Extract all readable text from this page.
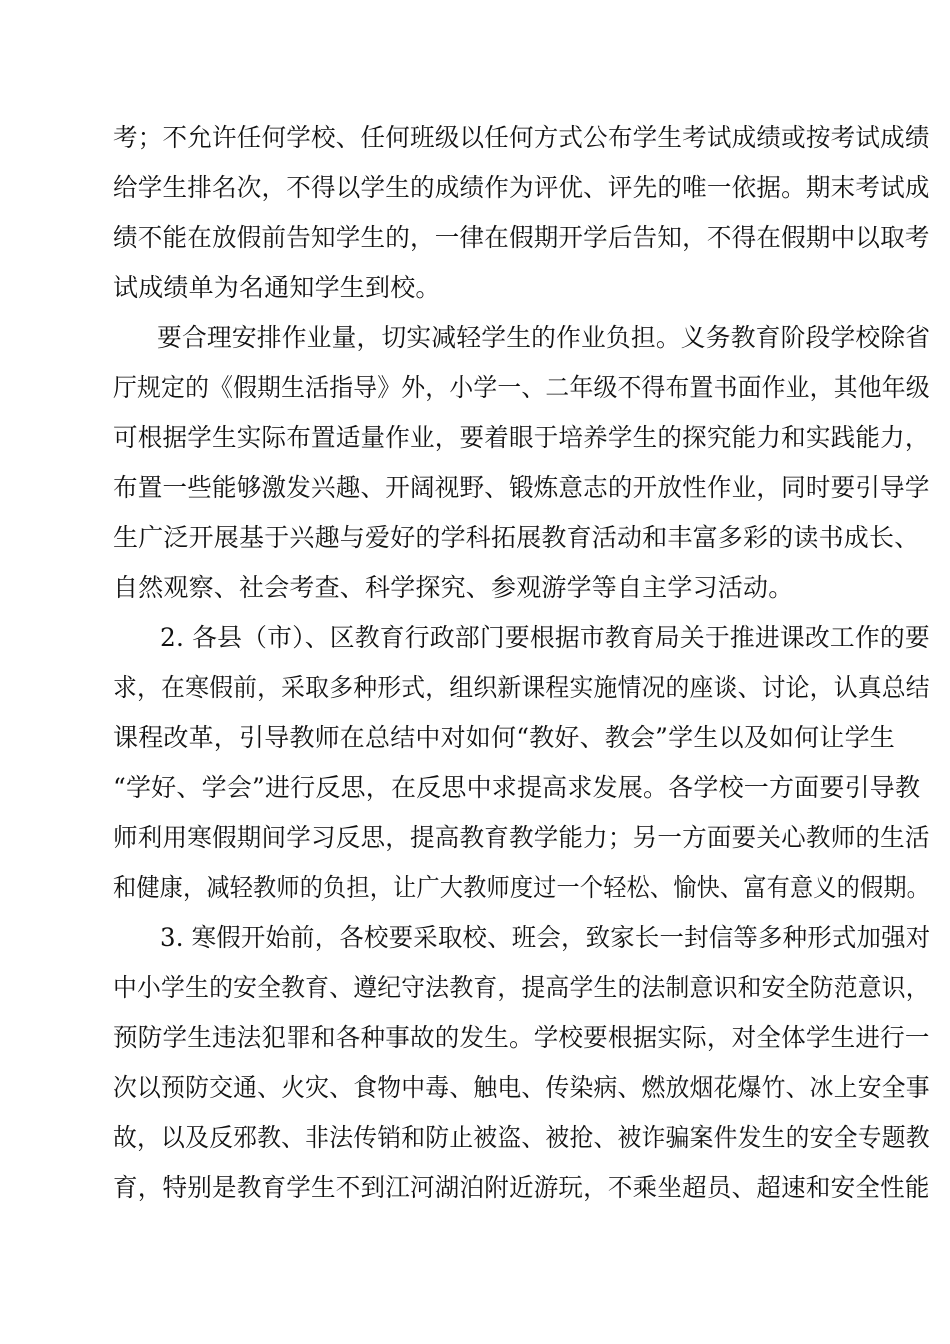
考；不允许任何学校、任何班级以任何方式公布学生考试成绩或按考试成绩
给学生排名次，不得以学生的成绩作为评优、评先的唯一依据。期末考试成
绩不能在放假前告知学生的，一律在假期开学后告知，不得在假期中以取考
试成绩单为名通知学生到校。
要合理安排作业量，切实减轻学生的作业负担。义务教育阶段学校除省
厅规定的《假期生活指导》外，小学一、二年级不得布置书面作业，其他年级
可根据学生实际布置适量作业，要着眼于培养学生的探究能力和实践能力，
布置一些能够激发兴趣、开阔视野、锻炼意志的开放性作业，同时要引导学
生广泛开展基于兴趣与爱好的学科拓展教育活动和丰富多彩的读书成长、
自然观察、社会考查、科学探究、参观游学等自主学习活动。
2. 各县（市）、区教育行政部门要根据市教育局关于推进课改工作的要
求，在寒假前，采取多种形式，组织新课程实施情况的座谈、讨论，认真总结
课程改革，引导教师在总结中对如何“教好、教会”学生以及如何让学生
“学好、学会”进行反思，在反思中求提高求发展。各学校一方面要引导教
师利用寒假期间学习反思，提高教育教学能力；另一方面要关心教师的生活
和健康，减轻教师的负担，让广大教师度过一个轻松、愉快、富有意义的假期。
3. 寒假开始前，各校要采取校、班会，致家长一封信等多种形式加强对
中小学生的安全教育、遵纪守法教育，提高学生的法制意识和安全防范意识，
预防学生违法犯罪和各种事故的发生。学校要根据实际，对全体学生进行一
次以预防交通、火灾、食物中毒、触电、传染病、燃放烟花爆竹、冰上安全事
故，以及反邪教、非法传销和防止被盗、被抢、被诈骗案件发生的安全专题教
育，特别是教育学生不到江河湖泊附近游玩，不乘坐超员、超速和安全性能
